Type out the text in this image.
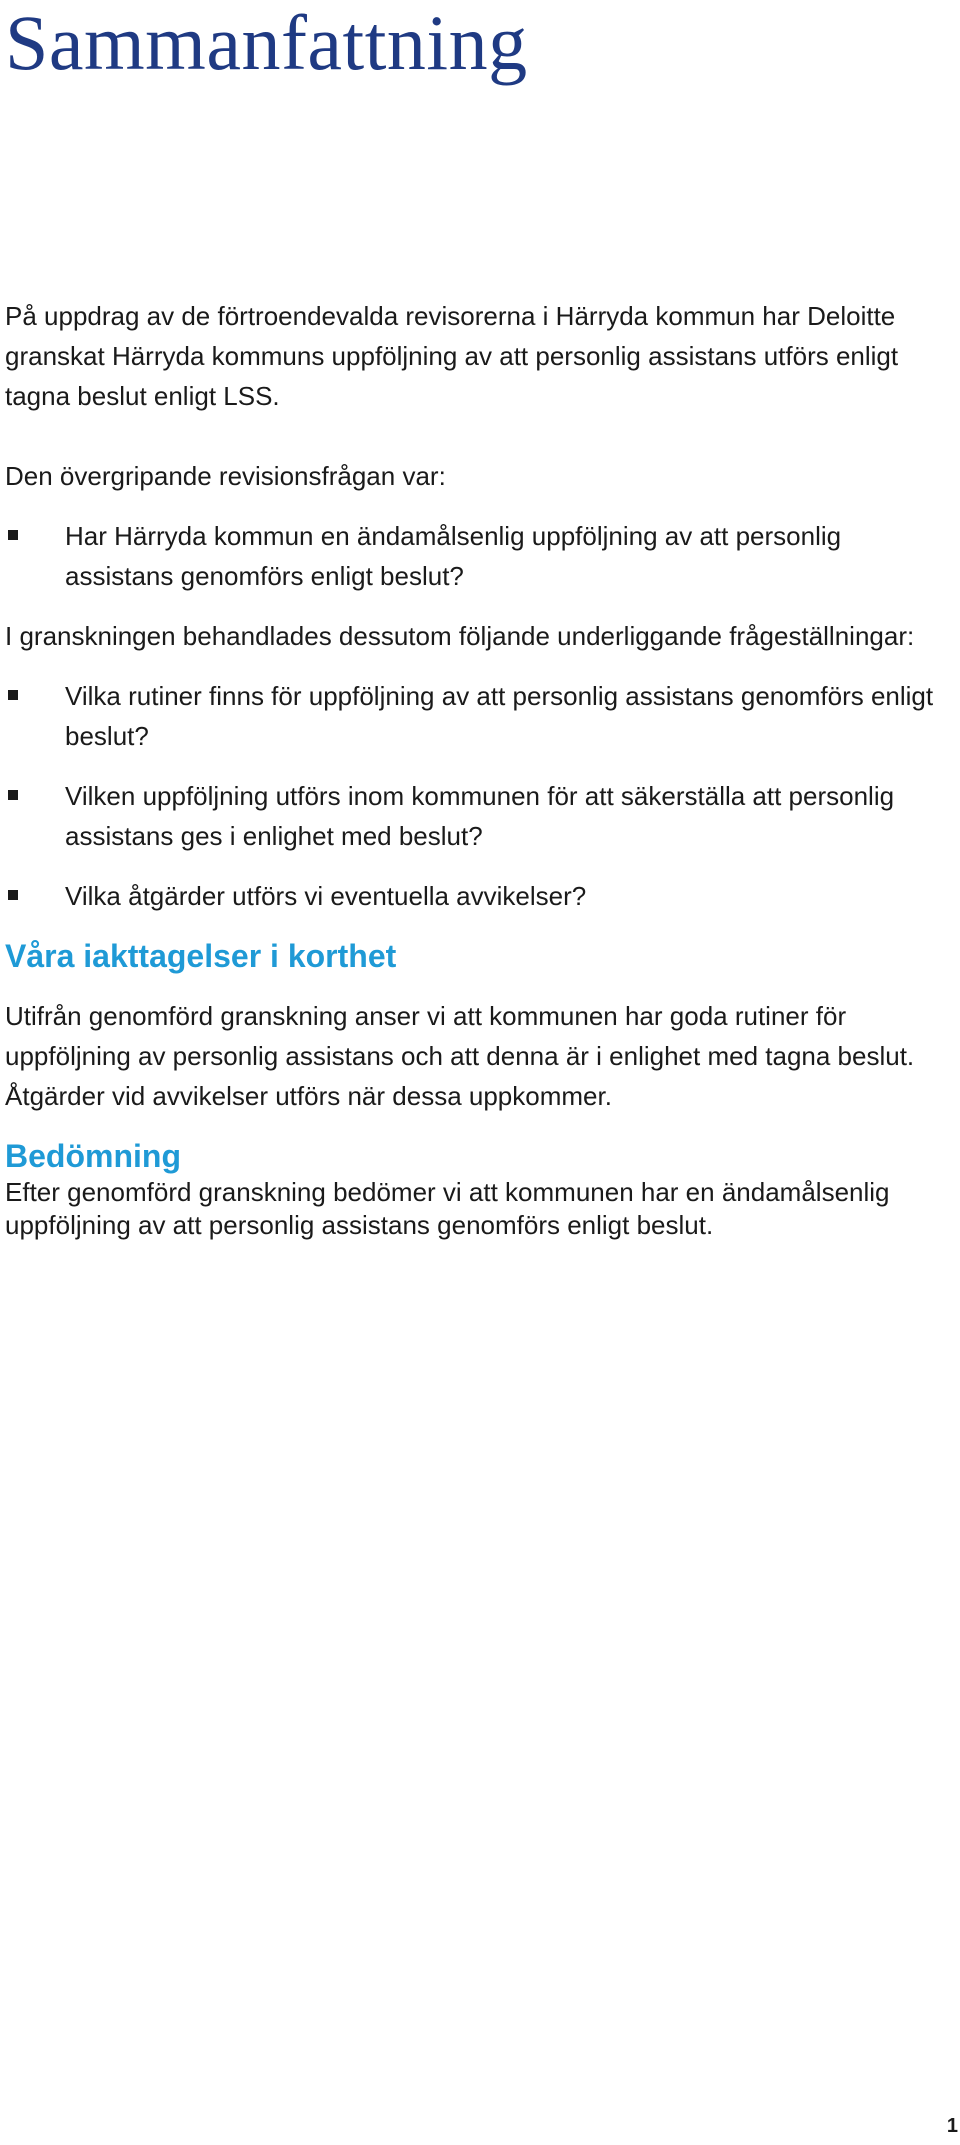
Sammanfattning

På uppdrag av de förtroendevalda revisorerna i Härryda kommun har Deloitte granskat Härryda kommuns uppföljning av att personlig assistans utförs enligt tagna beslut enligt LSS.

Den övergripande revisionsfrågan var:

Har Härryda kommun en ändamålsenlig uppföljning av att personlig assistans genomförs enligt beslut?

I granskningen behandlades dessutom följande underliggande frågeställningar:

Vilka rutiner finns för uppföljning av att personlig assistans genomförs enligt beslut?
Vilken uppföljning utförs inom kommunen för att säkerställa att personlig assistans ges i enlighet med beslut?
Vilka åtgärder utförs vi eventuella avvikelser?
Våra iakttagelser i korthet

Utifrån genomförd granskning anser vi att kommunen har goda rutiner för uppföljning av personlig assistans och att denna är i enlighet med tagna beslut. Åtgärder vid avvikelser utförs när dessa uppkommer.

Bedömning

Efter genomförd granskning bedömer vi att kommunen har en ändamålsenlig uppföljning av att personlig assistans genomförs enligt beslut.

1
